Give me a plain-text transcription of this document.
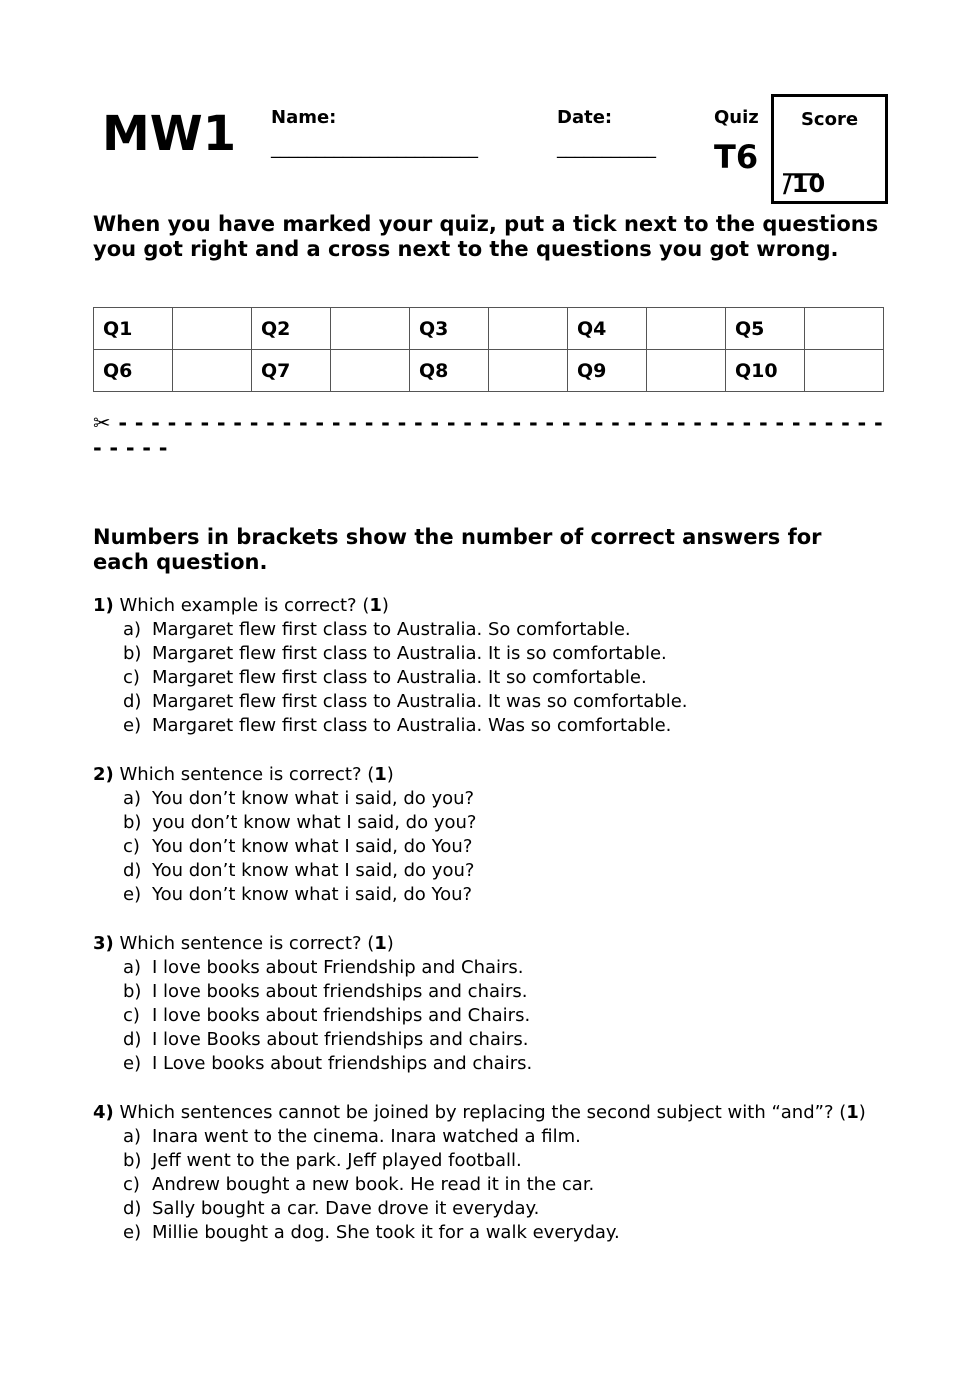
MW1 Name:
_______________________
Date:
___________
Quiz
T6
Score
___
/10
When you have marked your quiz, put a tick next to the questions you got right and a cross next to the questions you got wrong.
Q1		Q2		Q3		Q4		Q5	
Q6		Q7		Q8		Q9		Q10	
✂ - - - - - - - - - - - - - - - - - - - - - - - - - - - - - - - - - - - - - - - - - - - - - - - - - - - -
Numbers in brackets show the number of correct answers for each question.
1) Which example is correct? (1)
a) Margaret flew first class to Australia. So comfortable.
b) Margaret flew first class to Australia. It is so comfortable.
c) Margaret flew first class to Australia. It so comfortable.
d) Margaret flew first class to Australia. It was so comfortable.
e) Margaret flew first class to Australia. Was so comfortable.
2) Which sentence is correct? (1)
a) You don’t know what i said, do you?
b) you don’t know what I said, do you?
c) You don’t know what I said, do You?
d) You don’t know what I said, do you?
e) You don’t know what i said, do You?
3) Which sentence is correct? (1)
a) I love books about Friendship and Chairs.
b) I love books about friendships and chairs.
c) I love books about friendships and Chairs.
d) I love Books about friendships and chairs.
e) I Love books about friendships and chairs.
4) Which sentences cannot be joined by replacing the second subject with “and”? (1)
a) Inara went to the cinema. Inara watched a film.
b) Jeff went to the park. Jeff played football.
c) Andrew bought a new book. He read it in the car.
d) Sally bought a car. Dave drove it everyday.
e) Millie bought a dog. She took it for a walk everyday.
